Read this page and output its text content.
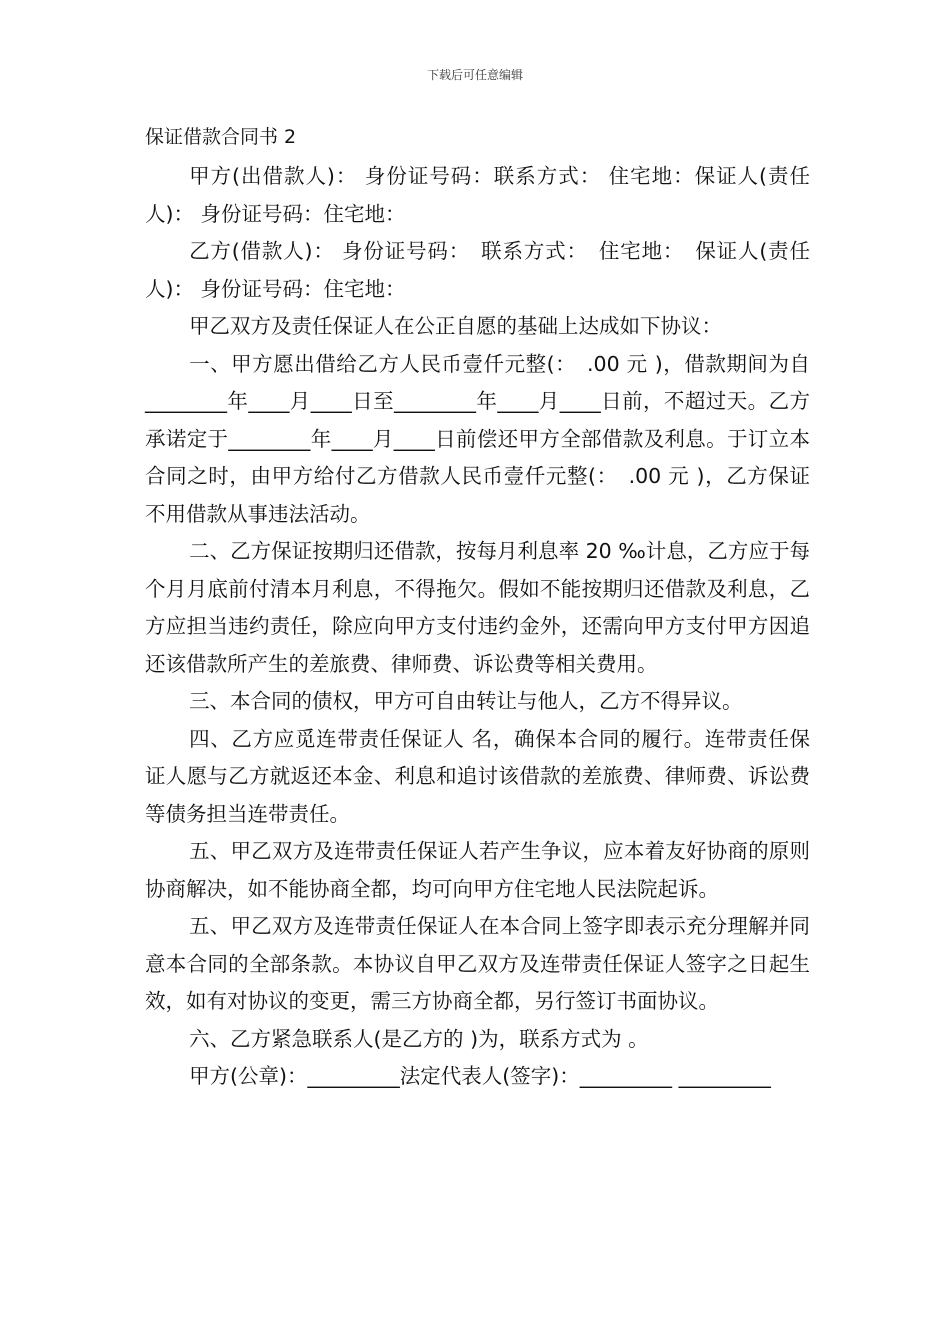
下载后可任意编辑
保证借款合同书 2

甲方(出借款人)： 身份证号码：联系方式： 住宅地：保证人(责任人)： 身份证号码：住宅地：

乙方(借款人)： 身份证号码：　联系方式：　住宅地：　保证人(责任人)： 身份证号码：住宅地：

甲乙双方及责任保证人在公正自愿的基础上达成如下协议：

一、甲方愿出借给乙方人民币壹仟元整(：　.00 元 )，借款期间为自________年____月____日至________年____月____日前，不超过天。乙方承诺定于________年____月____日前偿还甲方全部借款及利息。于订立本合同之时，由甲方给付乙方借款人民币壹仟元整(：　.00 元 )，乙方保证不用借款从事违法活动。

二、乙方保证按期归还借款，按每月利息率 20 ‰计息，乙方应于每个月月底前付清本月利息，不得拖欠。假如不能按期归还借款及利息，乙方应担当违约责任，除应向甲方支付违约金外，还需向甲方支付甲方因追还该借款所产生的差旅费、律师费、诉讼费等相关费用。

三、本合同的债权，甲方可自由转让与他人，乙方不得异议。

四、乙方应觅连带责任保证人 名，确保本合同的履行。连带责任保证人愿与乙方就返还本金、利息和追讨该借款的差旅费、律师费、诉讼费等债务担当连带责任。

五、甲乙双方及连带责任保证人若产生争议，应本着友好协商的原则协商解决，如不能协商全都，均可向甲方住宅地人民法院起诉。

五、甲乙双方及连带责任保证人在本合同上签字即表示充分理解并同意本合同的全部条款。本协议自甲乙双方及连带责任保证人签字之日起生效，如有对协议的变更，需三方协商全都，另行签订书面协议。

六、乙方紧急联系人(是乙方的 )为，联系方式为 。

甲方(公章)：_________法定代表人(签字)：_________ _________
